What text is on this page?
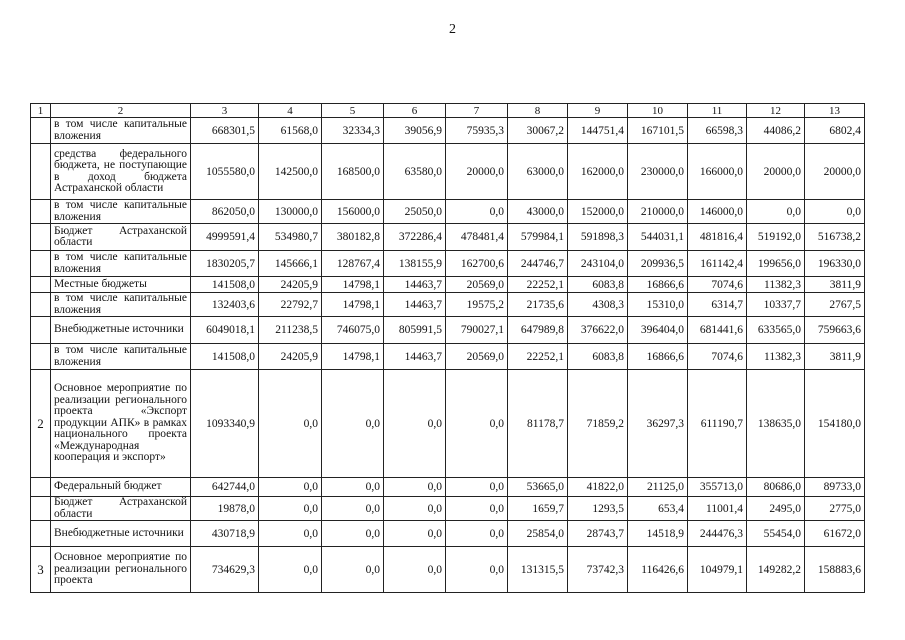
2
1	2	3	4	5	6	7	8	9	10	11	12	13
	в том числе капитальные вложения	668301,5	61568,0	32334,3	39056,9	75935,3	30067,2	144751,4	167101,5	66598,3	44086,2	6802,4
	средства федерального бюджета, не поступающие в доход бюджета Астраханской области	1055580,0	142500,0	168500,0	63580,0	20000,0	63000,0	162000,0	230000,0	166000,0	20000,0	20000,0
	в том числе капитальные вложения	862050,0	130000,0	156000,0	25050,0	0,0	43000,0	152000,0	210000,0	146000,0	0,0	0,0
	Бюджет Астраханской области	4999591,4	534980,7	380182,8	372286,4	478481,4	579984,1	591898,3	544031,1	481816,4	519192,0	516738,2
	в том числе капитальные вложения	1830205,7	145666,1	128767,4	138155,9	162700,6	244746,7	243104,0	209936,5	161142,4	199656,0	196330,0
	Местные бюджеты	141508,0	24205,9	14798,1	14463,7	20569,0	22252,1	6083,8	16866,6	7074,6	11382,3	3811,9
	в том числе капитальные вложения	132403,6	22792,7	14798,1	14463,7	19575,2	21735,6	4308,3	15310,0	6314,7	10337,7	2767,5
	Внебюджетные источники	6049018,1	211238,5	746075,0	805991,5	790027,1	647989,8	376622,0	396404,0	681441,6	633565,0	759663,6
	в том числе капитальные вложения	141508,0	24205,9	14798,1	14463,7	20569,0	22252,1	6083,8	16866,6	7074,6	11382,3	3811,9
2	Основное мероприятие по реализации регионального проекта «Экспорт продукции АПК» в рамках национального проекта «Международная кооперация и экспорт»	1093340,9	0,0	0,0	0,0	0,0	81178,7	71859,2	36297,3	611190,7	138635,0	154180,0
	Федеральный бюджет	642744,0	0,0	0,0	0,0	0,0	53665,0	41822,0	21125,0	355713,0	80686,0	89733,0
	Бюджет Астраханской области	19878,0	0,0	0,0	0,0	0,0	1659,7	1293,5	653,4	11001,4	2495,0	2775,0
	Внебюджетные источники	430718,9	0,0	0,0	0,0	0,0	25854,0	28743,7	14518,9	244476,3	55454,0	61672,0
3	Основное мероприятие по реализации регионального проекта	734629,3	0,0	0,0	0,0	0,0	131315,5	73742,3	116426,6	104979,1	149282,2	158883,6
